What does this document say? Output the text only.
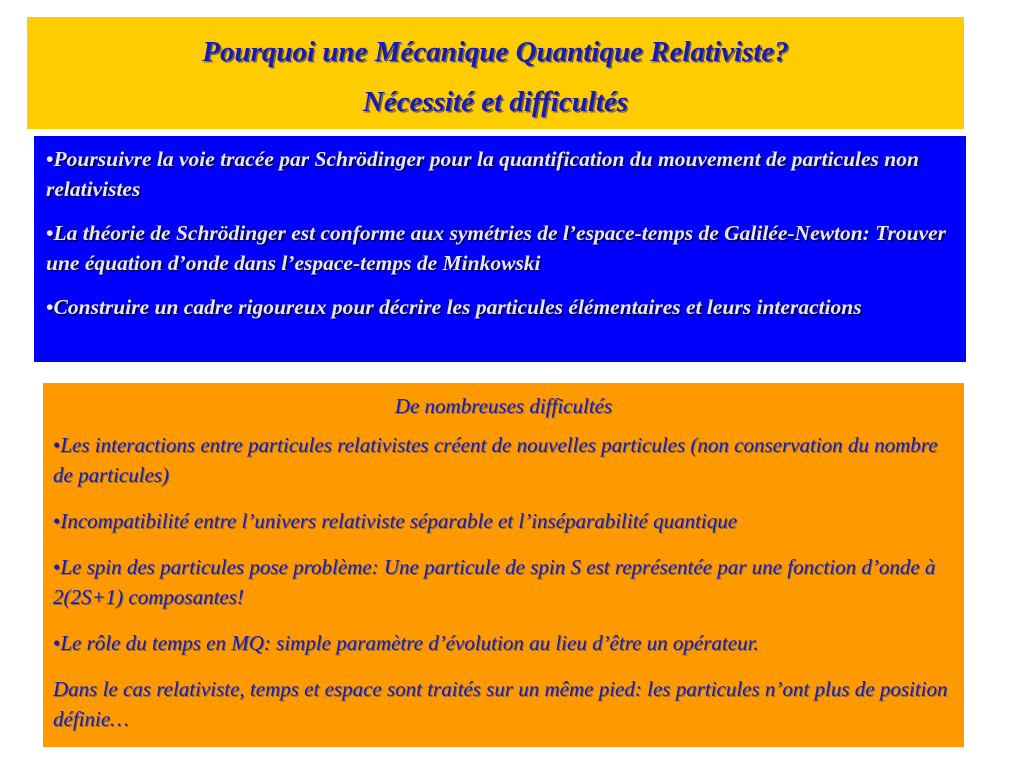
Pourquoi une Mécanique Quantique Relativiste?

Nécessité et difficultés

•Poursuivre la voie tracée par Schrödinger pour la quantification du mouvement de particules non relativistes

•La théorie de Schrödinger est conforme aux symétries de l’espace-temps de Galilée-Newton: Trouver une équation d’onde dans l’espace-temps de Minkowski

•Construire un cadre rigoureux pour décrire les particules élémentaires et leurs interactions

De nombreuses difficultés

•Les interactions entre particules relativistes créent de nouvelles particules (non conservation du nombre de particules)

•Incompatibilité entre l’univers relativiste séparable et l’inséparabilité quantique

•Le spin des particules pose problème: Une particule de spin S est représentée par une fonction d’onde à 2(2S+1) composantes!

•Le rôle du temps en MQ: simple paramètre d’évolution au lieu d’être un opérateur.

Dans le cas relativiste, temps et espace sont traités sur un même pied: les particules n’ont plus de position définie…
